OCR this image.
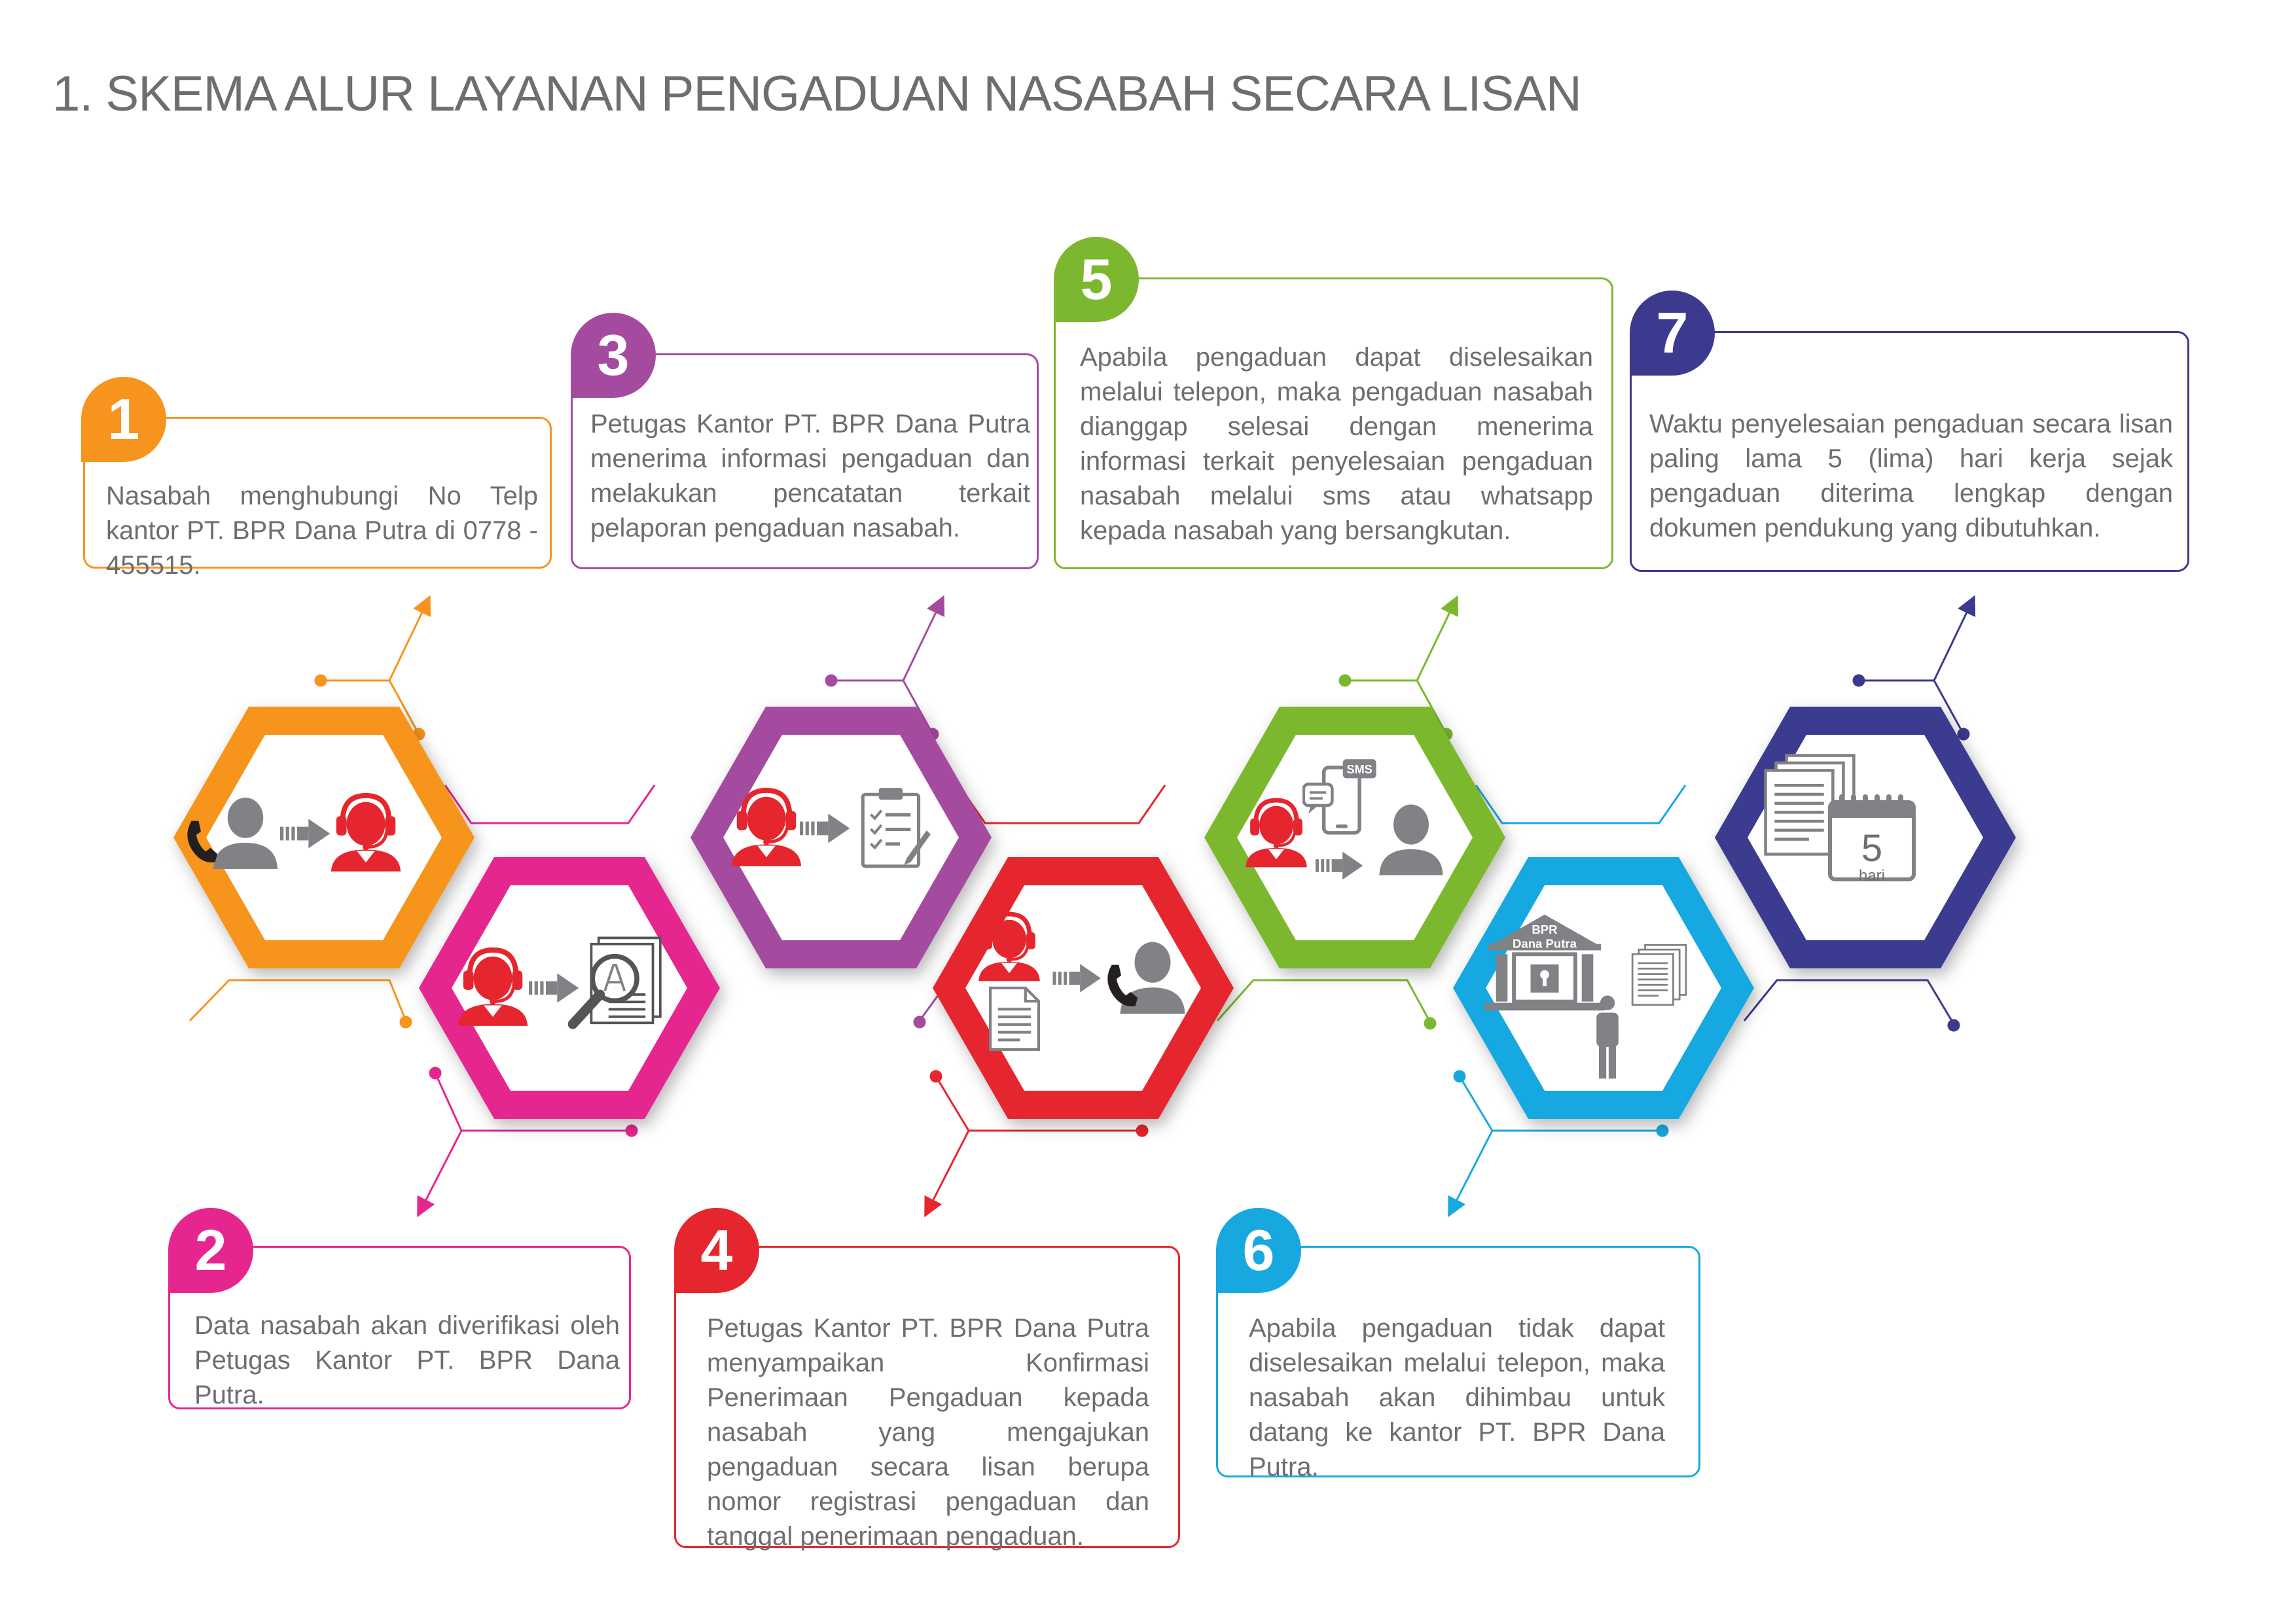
1. SKEMA ALUR LAYANAN PENGADUAN NASABAH SECARA LISAN
5
hari
1

Nasabah menghubungi No Telp kantor PT. BPR Dana Putra di 0778 - 455515.

3

Petugas Kantor PT. BPR Dana Putra menerima informasi pengaduan dan melakukan pencatatan terkait pelaporan pengaduan nasabah.

5

Apabila pengaduan dapat diselesaikan melalui telepon, maka pengaduan nasabah dianggap selesai dengan menerima informasi terkait penyelesaian pengaduan nasabah melalui sms atau whatsapp kepada nasabah yang bersangkutan.

7

Waktu penyelesaian pengaduan secara lisan paling lama 5 (lima) hari kerja sejak pengaduan diterima lengkap dengan dokumen pendukung yang dibutuhkan.

2

Data nasabah akan diverifikasi oleh Petugas Kantor PT. BPR Dana Putra.

4

Petugas Kantor PT. BPR Dana Putra menyampaikan Konfirmasi Penerimaan Pengaduan kepada nasabah yang mengajukan pengaduan secara lisan berupa nomor registrasi pengaduan dan tanggal penerimaan pengaduan.

6

Apabila pengaduan tidak dapat diselesaikan melalui telepon, maka nasabah akan dihimbau untuk datang ke kantor PT. BPR Dana Putra.
